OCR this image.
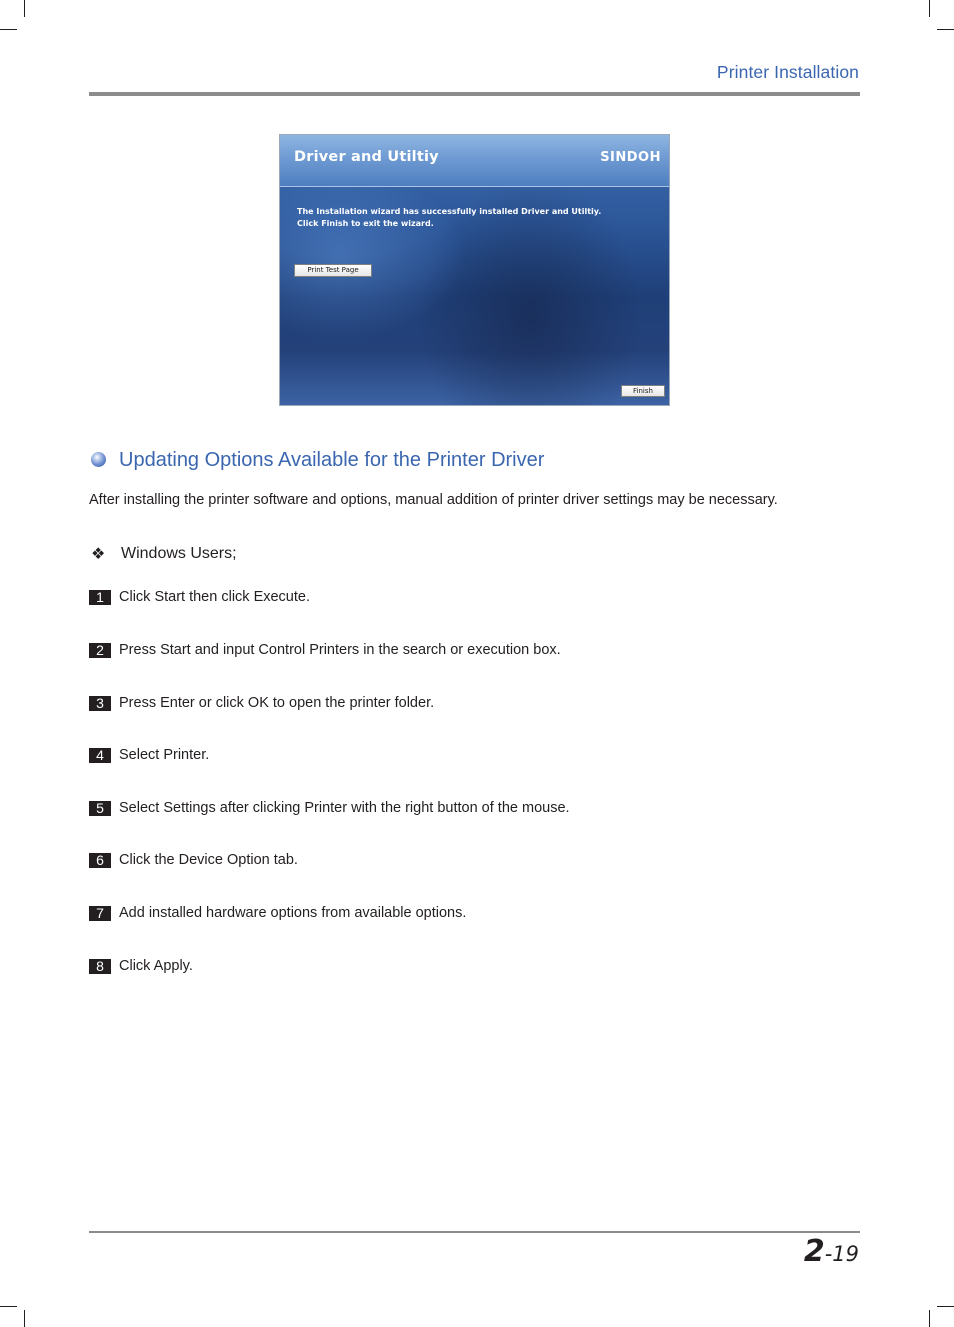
Printer Installation
Driver and Utiltiy	SINDOH
The Installation wizard has successfully installed Driver and Utiltiy.
Click Finish to exit the wizard.
Print Test Page
Finish
Updating Options Available for the Printer Driver
After installing the printer software and options, manual addition of printer driver settings may be necessary.
❖ Windows Users;
1	Click Start then click Execute.
2	Press Start and input Control Printers in the search or execution box.
3	Press Enter or click OK to open the printer folder.
4	Select Printer.
5	Select Settings after clicking Printer with the right button of the mouse.
6	Click the Device Option tab.
7	Add installed hardware options from available options.
8	Click Apply.
2-19
